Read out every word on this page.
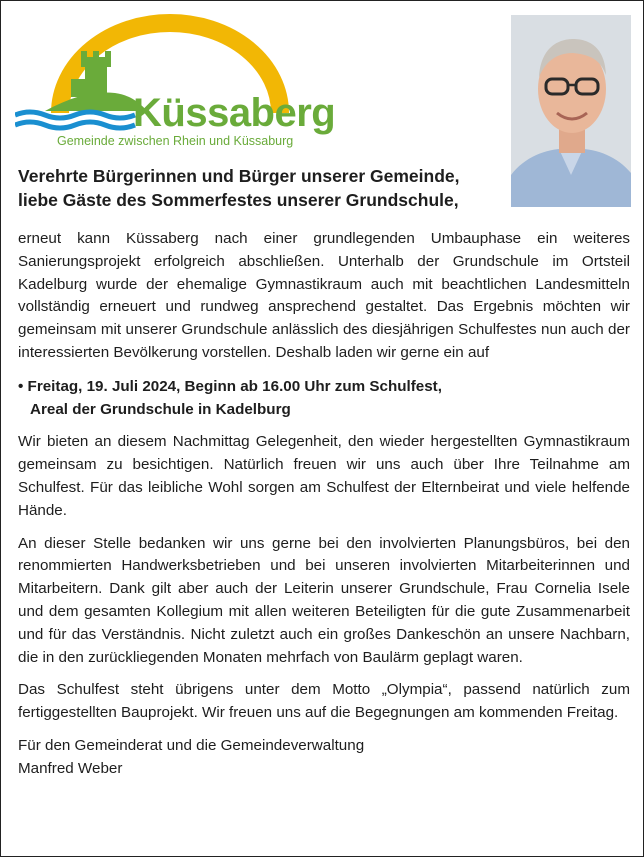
Küssaberg
Gemeinde zwischen Rhein und Küssaburg
Verehrte Bürgerinnen und Bürger unserer Gemeinde,
liebe Gäste des Sommerfestes unserer Grundschule,

erneut kann Küssaberg nach einer grundlegenden Umbauphase ein weiteres Sanierungsprojekt erfolgreich abschließen. Unterhalb der Grundschule im Ortsteil Kadelburg wurde der ehemalige Gymnastikraum auch mit beachtlichen Landesmitteln vollständig erneuert und rundweg ansprechend gestaltet. Das Ergebnis möchten wir gemeinsam mit unserer Grundschule anlässlich des diesjährigen Schulfestes nun auch der interessierten Bevölkerung vorstellen. Deshalb laden wir gerne ein auf

• Freitag, 19. Juli 2024, Beginn ab 16.00 Uhr zum Schulfest,
Areal der Grundschule in Kadelburg

Wir bieten an diesem Nachmittag Gelegenheit, den wieder hergestellten Gymnastikraum gemeinsam zu besichtigen. Natürlich freuen wir uns auch über Ihre Teilnahme am Schulfest. Für das leibliche Wohl sorgen am Schulfest der Elternbeirat und viele helfende Hände.

An dieser Stelle bedanken wir uns gerne bei den involvierten Planungsbüros, bei den renommierten Handwerksbetrieben und bei unseren involvierten Mitarbeiterinnen und Mitarbeitern. Dank gilt aber auch der Leiterin unserer Grundschule, Frau Cornelia Isele und dem gesamten Kollegium mit allen weiteren Beteiligten für die gute Zusammenarbeit und für das Verständnis. Nicht zuletzt auch ein großes Dankeschön an unsere Nachbarn, die in den zurückliegenden Monaten mehrfach von Baulärm geplagt waren.

Das Schulfest steht übrigens unter dem Motto „Olympia“, passend natürlich zum fertiggestellten Bauprojekt. Wir freuen uns auf die Begegnungen am kommenden Freitag.

Für den Gemeinderat und die Gemeindeverwaltung
Manfred Weber
